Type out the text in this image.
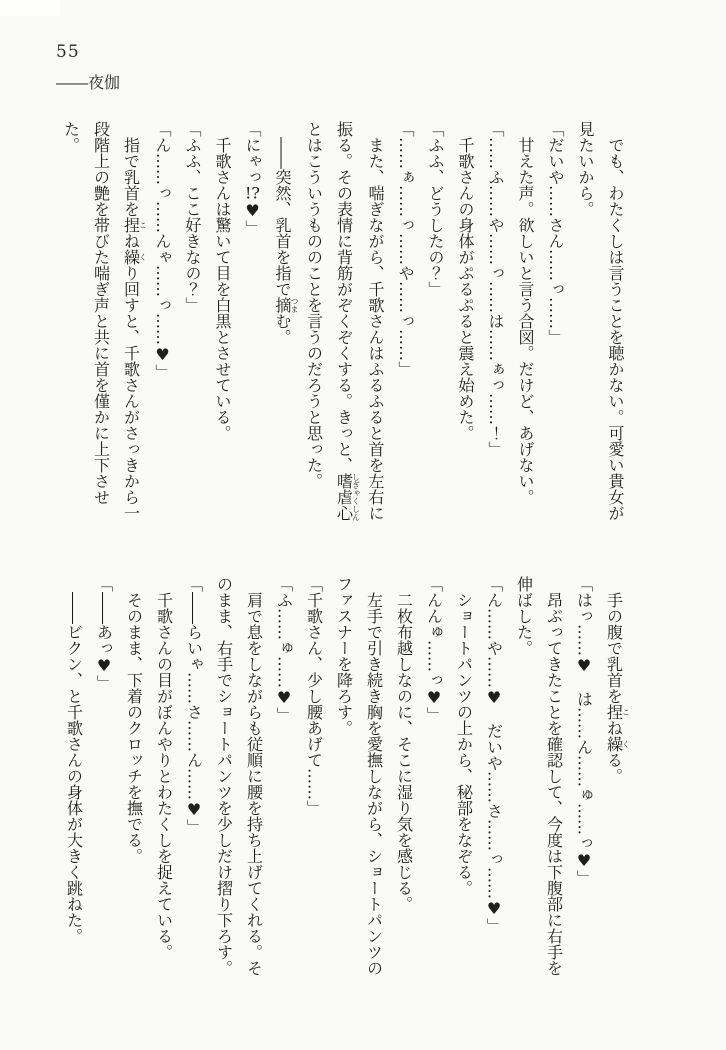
55
――夜伽

でも、わたくしは言うことを聴かない。可愛い貴女が

見たいから。

「だいや……さん……っ……」

甘えた声。欲しいと言う合図。だけど、あげない。

「……ふ……や……っ……は……ぁっ……！」

千歌さんの身体がぷるぷると震え始めた。

「ふふ、どうしたの？」

「……ぁ……っ……や……っ……」

また、喘ぎながら、千歌さんはふるふると首を左右に

振る。その表情に背筋がぞくぞくする。きっと、嗜虐心しぎゃくしん

とはこういうもののことを言うのだろうと思った。

――突然、乳首を指で摘つまむ。

「にゃっ!?♥」

千歌さんは驚いて目を白黒とさせている。

「ふふ、ここ好きなの？」

「ん……っ……んゃ……っ……♥」

指で乳首を捏こね繰くり回すと、千歌さんがさっきから一

段階上の艶を帯びた喘ぎ声と共に首を僅かに上下させ

た。

手の腹で乳首を捏こね繰くる。

「はっ……♥　は……ん……ゅ……っ♥」

昂ぶってきたことを確認して、今度は下腹部に右手を

伸ばした。

「ん……や……♥　だいや……さ……っ……♥」

ショートパンツの上から、秘部をなぞる。

「んんゅ……っ♥」

二枚布越しなのに、そこに湿り気を感じる。

左手で引き続き胸を愛撫しながら、ショートパンツの

ファスナーを降ろす。

「千歌さん、少し腰あげて……」

「ふ……ゅ……♥」

肩で息をしながらも従順に腰を持ち上げてくれる。そ

のまま、右手でショートパンツを少しだけ摺り下ろす。

「――らいゃ……さ……ん……♥」

千歌さんの目がぼんやりとわたくしを捉えている。

そのまま、下着のクロッチを撫でる。

「――あっ♥」

――ビクン、と千歌さんの身体が大きく跳ねた。
